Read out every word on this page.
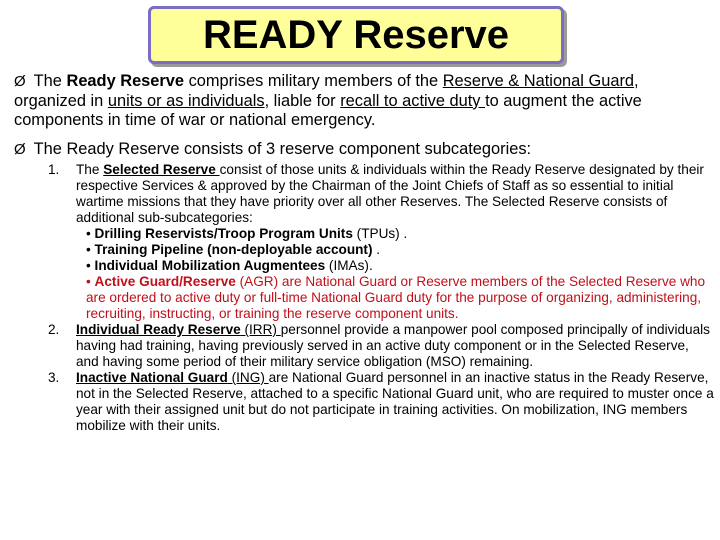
READY Reserve
Ø The Ready Reserve comprises military members of the Reserve & National Guard, organized in units or as individuals, liable for recall to active duty to augment the active components in time of war or national emergency.
Ø The Ready Reserve consists of 3 reserve component subcategories:
1. The Selected Reserve consist of those units & individuals within the Ready Reserve designated by their respective Services & approved by the Chairman of the Joint Chiefs of Staff as so essential to initial wartime missions that they have priority over all other Reserves. The Selected Reserve consists of additional sub-subcategories:
• Drilling Reservists/Troop Program Units (TPUs) .
• Training Pipeline (non-deployable account) .
• Individual Mobilization Augmentees (IMAs).
• Active Guard/Reserve (AGR) are National Guard or Reserve members of the Selected Reserve who are ordered to active duty or full-time National Guard duty for the purpose of organizing, administering, recruiting, instructing, or training the reserve component units.
2. Individual Ready Reserve (IRR) personnel provide a manpower pool composed principally of individuals having had training, having previously served in an active duty component or in the Selected Reserve, and having some period of their military service obligation (MSO) remaining.
3. Inactive National Guard (ING) are National Guard personnel in an inactive status in the Ready Reserve, not in the Selected Reserve, attached to a specific National Guard unit, who are required to muster once a year with their assigned unit but do not participate in training activities. On mobilization, ING members mobilize with their units.
